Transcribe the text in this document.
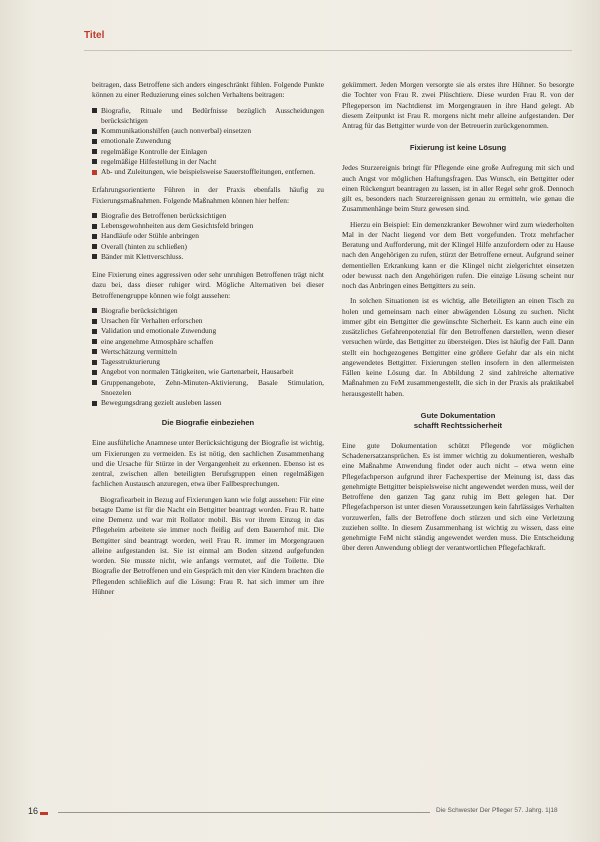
Titel

beitragen, dass Betroffene sich anders eingeschränkt fühlen. Folgende Punkte können zu einer Reduzierung eines solchen Verhaltens beitragen:

Biografie, Rituale und Bedürfnisse bezüglich Ausscheidungen berücksichtigen
Kommunikationshilfen (auch nonverbal) einsetzen
emotionale Zuwendung
regelmäßige Kontrolle der Einlagen
regelmäßige Hilfestellung in der Nacht
Ab- und Zuleitungen, wie beispielsweise Sauerstoffleitungen, entfernen.

Erfahrungsorientierte Führen in der Praxis ebenfalls häufig zu Fixierungsmaßnahmen. Folgende Maßnahmen können hier helfen:

Biografie des Betroffenen berücksichtigen
Lebensgewohnheiten aus dem Gesichtsfeld bringen
Handläufe oder Stühle anbringen
Overall (hinten zu schließen)
Bänder mit Klettverschluss.

Eine Fixierung eines aggressiven oder sehr unruhigen Betroffenen trägt nicht dazu bei, dass dieser ruhiger wird. Mögliche Alternativen bei dieser Betroffenengruppe können wie folgt aussehen:

Biografie berücksichtigen
Ursachen für Verhalten erforschen
Validation und emotionale Zuwendung
eine angenehme Atmosphäre schaffen
Wertschätzung vermitteln
Tagesstrukturierung
Angebot von normalen Tätigkeiten, wie Gartenarbeit, Hausarbeit
Gruppenangebote, Zehn-Minuten-Aktivierung, Basale Stimulation, Snoezelen
Bewegungsdrang gezielt ausleben lassen
Die Biografie einbeziehen

Eine ausführliche Anamnese unter Berücksichtigung der Biografie ist wichtig, um Fixierungen zu vermeiden. Es ist nötig, den sachlichen Zusammenhang und die Ursache für Stürze in der Vergangenheit zu erkennen. Ebenso ist es zentral, zwischen allen beteiligten Berufsgruppen einen regelmäßigen fachlichen Austausch anzuregen, etwa über Fallbesprechungen.

Biografiearbeit in Bezug auf Fixierungen kann wie folgt aussehen: Für eine betagte Dame ist für die Nacht ein Bettgitter beantragt worden. Frau R. hatte eine Demenz und war mit Rollator mobil. Bis vor ihrem Einzug in das Pflegeheim arbeitete sie immer noch fleißig auf dem Bauernhof mit. Die Bettgitter sind beantragt worden, weil Frau R. immer im Morgengrauen alleine aufgestanden ist. Sie ist einmal am Boden sitzend aufgefunden worden. Sie musste nicht, wie anfangs vermutet, auf die Toilette. Die Biografie der Betroffenen und ein Gespräch mit den vier Kindern brachten die Pflegenden schließlich auf die Lösung: Frau R. hat sich immer um ihre Hühner

gekümmert. Jeden Morgen versorgte sie als erstes ihre Hühner. So besorgte die Tochter von Frau R. zwei Plüschtiere. Diese wurden Frau R. von der Pflegeperson im Nachtdienst im Morgengrauen in ihre Hand gelegt. Ab diesem Zeitpunkt ist Frau R. morgens nicht mehr alleine aufgestanden. Der Antrag für das Bettgitter wurde von der Betreuerin zurückgenommen.

Fixierung ist keine Lösung

Jedes Sturzereignis bringt für Pflegende eine große Aufregung mit sich und auch Angst vor möglichen Haftungsfragen. Das Wunsch, ein Bettgitter oder einen Rückengurt beantragen zu lassen, ist in aller Regel sehr groß. Dennoch gilt es, besonders nach Sturzereignissen genau zu ermitteln, wie genau die Zusammenhänge beim Sturz gewesen sind.

Hierzu ein Beispiel: Ein demenzkranker Bewohner wird zum wiederholten Mal in der Nacht liegend vor dem Bett vorgefunden. Trotz mehrfacher Beratung und Aufforderung, mit der Klingel Hilfe anzufordern oder zu Hause nach den Angehörigen zu rufen, stürzt der Betroffene erneut. Aufgrund seiner dementiellen Erkrankung kann er die Klingel nicht zielgerichtet einsetzen oder bewusst nach den Angehörigen rufen. Die einzige Lösung scheint nur noch das Anbringen eines Bettgitters zu sein.

In solchen Situationen ist es wichtig, alle Beteiligten an einen Tisch zu holen und gemeinsam nach einer abwägenden Lösung zu suchen. Nicht immer gibt ein Bettgitter die gewünschte Sicherheit. Es kann auch eine ein zusätzliches Gefahrenpotenzial für den Betroffenen darstellen, wenn dieser versuchen würde, das Bettgitter zu übersteigen. Dies ist häufig der Fall. Dann stellt ein hochgezogenes Bettgitter eine größere Gefahr dar als ein nicht angewendetes Bettgitter. Fixierungen stellen insofern in den allermeisten Fällen keine Lösung dar. In Abbildung 2 sind zahlreiche alternative Maßnahmen zu FeM zusammengestellt, die sich in der Praxis als praktikabel herausgestellt haben.

Gute Dokumentation
schafft Rechtssicherheit

Eine gute Dokumentation schützt Pflegende vor möglichen Schadenersatzansprüchen. Es ist immer wichtig zu dokumentieren, weshalb eine Maßnahme Anwendung findet oder auch nicht – etwa wenn eine Pflegefachperson aufgrund ihrer Fachexpertise der Meinung ist, dass das genehmigte Bettgitter beispielsweise nicht angewendet werden muss, weil der Betroffene den ganzen Tag ganz ruhig im Bett gelegen hat. Der Pflegefachperson ist unter diesen Voraussetzungen kein fahrlässiges Verhalten vorzuwerfen, falls der Betroffene doch stürzen und sich eine Verletzung zuziehen sollte. In diesem Zusammenhang ist wichtig zu wissen, dass eine genehmigte FeM nicht ständig angewendet werden muss. Die Entscheidung über deren Anwendung obliegt der verantwortlichen Pflegefachkraft.

16	Die Schwester Der Pfleger 57. Jahrg. 1|18
